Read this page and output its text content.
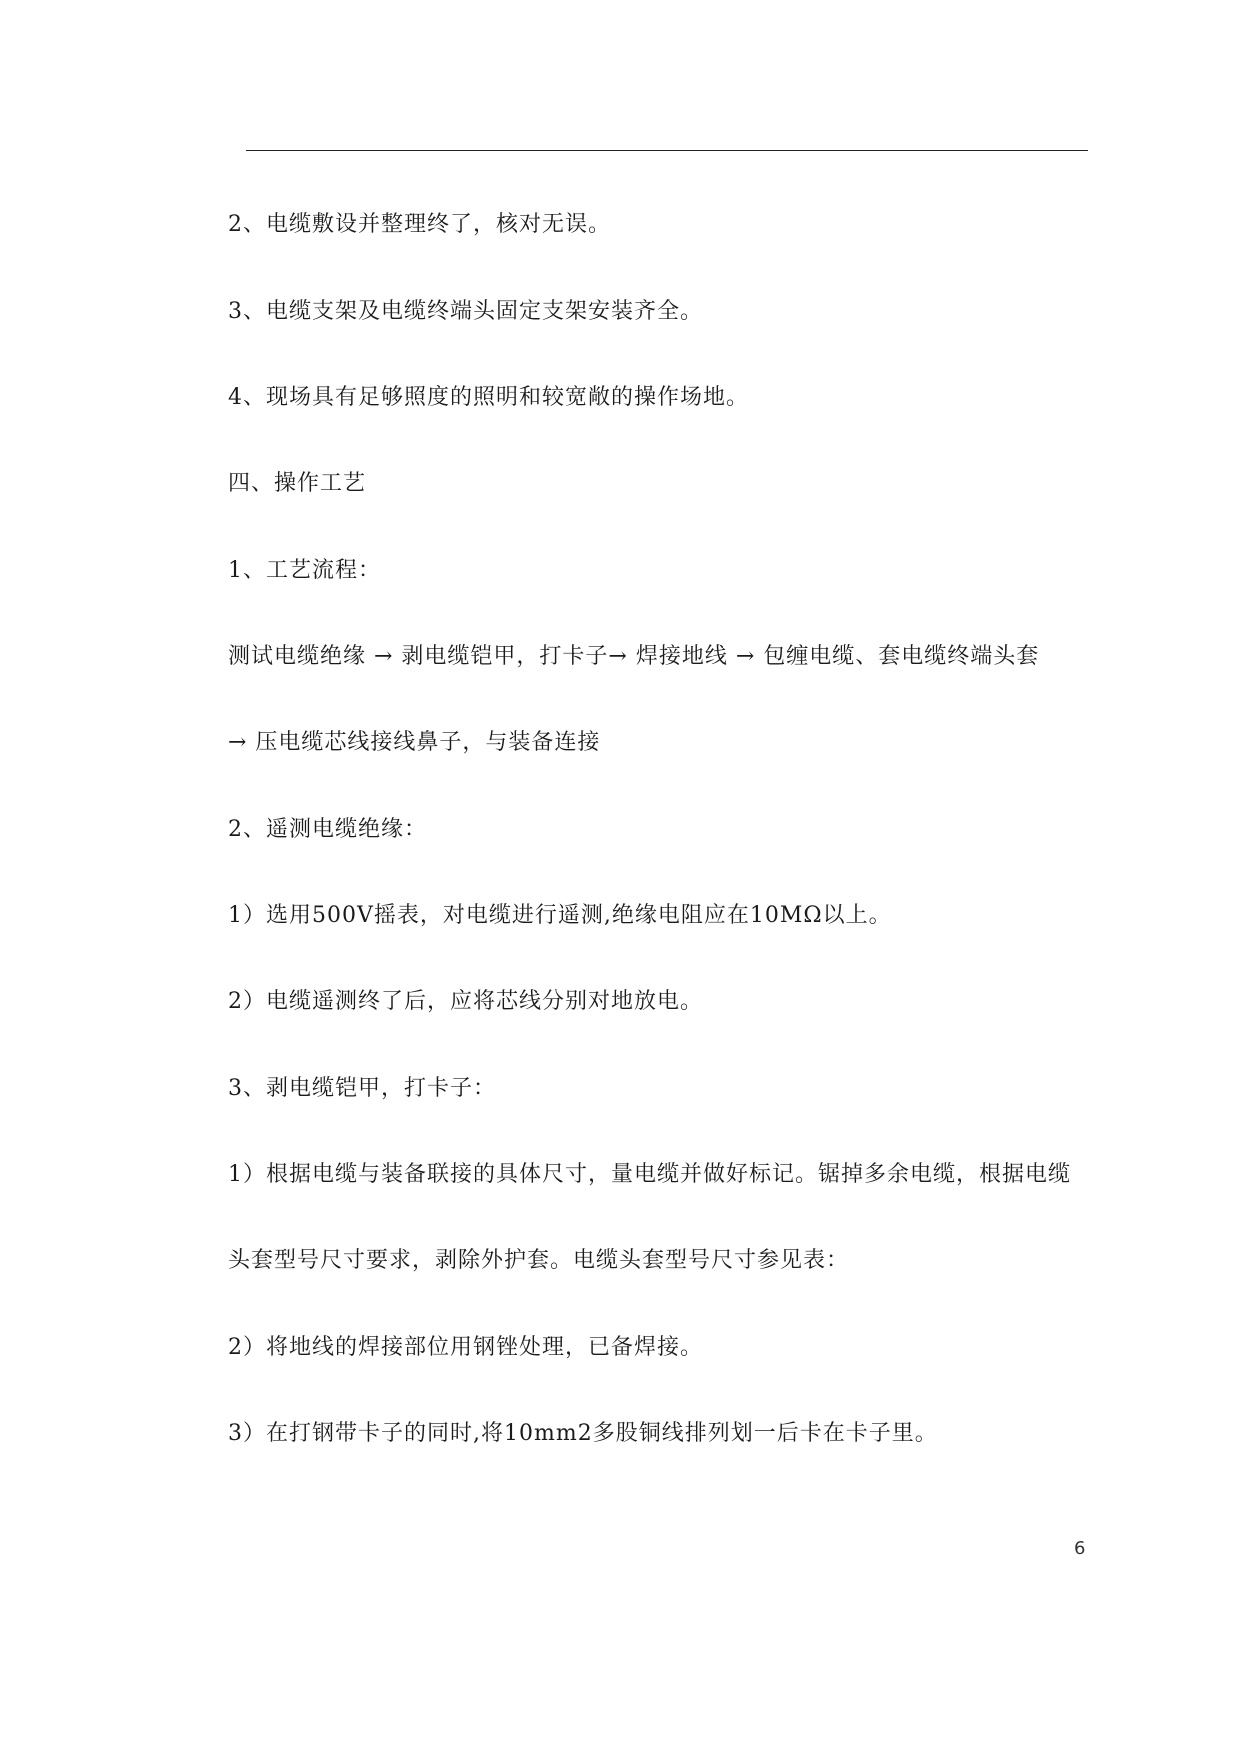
2、电缆敷设并整理终了，核对无误。

3、电缆支架及电缆终端头固定支架安装齐全。

4、现场具有足够照度的照明和较宽敞的操作场地。

四、操作工艺

1、工艺流程：

测试电缆绝缘 → 剥电缆铠甲，打卡子→ 焊接地线 → 包缠电缆、套电缆终端头套

→ 压电缆芯线接线鼻子，与装备连接

2、遥测电缆绝缘：

1）选用500V摇表，对电缆进行遥测,绝缘电阻应在10MΩ以上。

2）电缆遥测终了后，应将芯线分别对地放电。

3、剥电缆铠甲，打卡子：

1）根据电缆与装备联接的具体尺寸，量电缆并做好标记。锯掉多余电缆，根据电缆

头套型号尺寸要求，剥除外护套。电缆头套型号尺寸参见表：

2）将地线的焊接部位用钢锉处理，已备焊接。

3）在打钢带卡子的同时,将10mm2多股铜线排列划一后卡在卡子里。

6
